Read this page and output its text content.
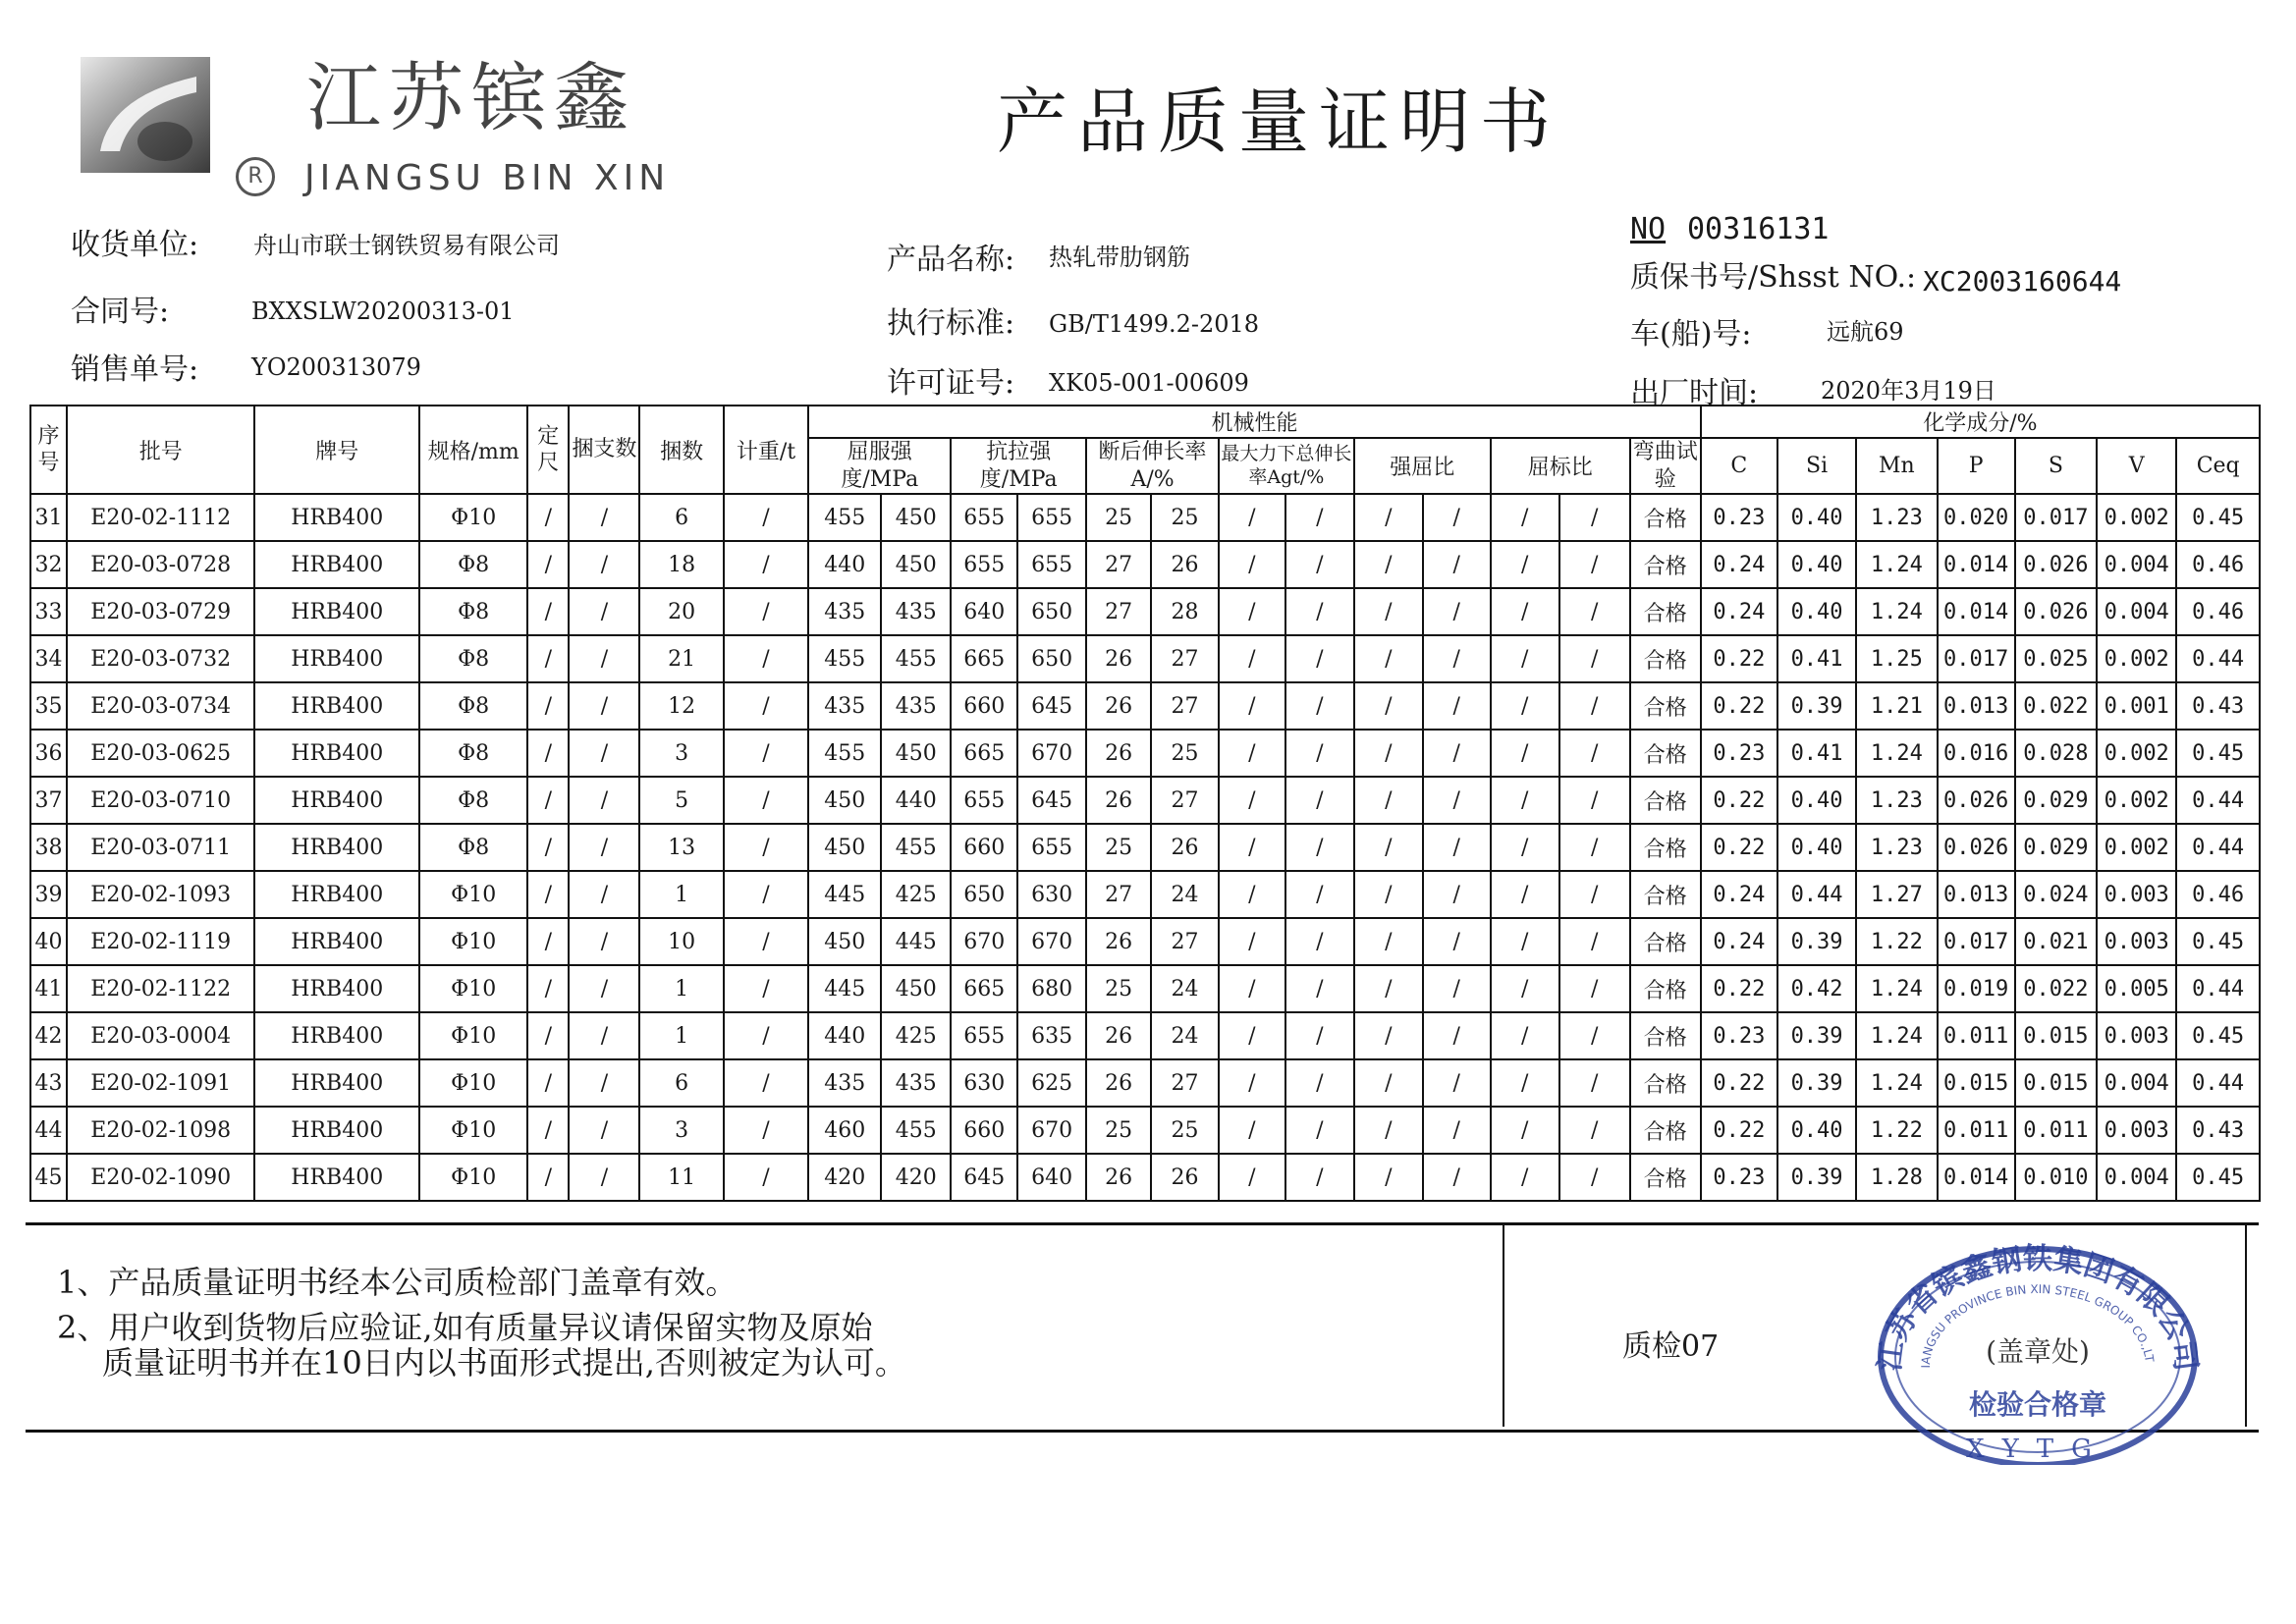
江苏镔鑫
R	JIANGSU BIN XIN
产品质量证明书
收货单位: 舟山市联士钢铁贸易有限公司
合同号:	BXXSLW20200313-01
销售单号: YO200313079
产品名称: 热轧带肋钢筋
执行标准: GB/T1499.2-2018
许可证号: XK05-001-00609
NO 00316131
质保书号/Shsst NO.: XC2003160644
车(船)号:	远航69
出厂时间:	2020年3月19日
序号	批号	牌号	规格/mm	定尺	捆支数	捆数	计重/t	机械性能													化学成分/%						
								屈服强度/MPa		抗拉强度/MPa		断后伸长率A/%		最大力下总伸长率Agt/%		强屈比		屈标比		弯曲试验	C	Si	Mn	P	S	V	Ceq
31	E20-02-1112	HRB400	Φ10	/	/	6	/	455	450	655	655	25	25	/	/	/	/	/	/	合格	0.23	0.40	1.23	0.020	0.017	0.002	0.45
32	E20-03-0728	HRB400	Φ8	/	/	18	/	440	450	655	655	27	26	/	/	/	/	/	/	合格	0.24	0.40	1.24	0.014	0.026	0.004	0.46
33	E20-03-0729	HRB400	Φ8	/	/	20	/	435	435	640	650	27	28	/	/	/	/	/	/	合格	0.24	0.40	1.24	0.014	0.026	0.004	0.46
34	E20-03-0732	HRB400	Φ8	/	/	21	/	455	455	665	650	26	27	/	/	/	/	/	/	合格	0.22	0.41	1.25	0.017	0.025	0.002	0.44
35	E20-03-0734	HRB400	Φ8	/	/	12	/	435	435	660	645	26	27	/	/	/	/	/	/	合格	0.22	0.39	1.21	0.013	0.022	0.001	0.43
36	E20-03-0625	HRB400	Φ8	/	/	3	/	455	450	665	670	26	25	/	/	/	/	/	/	合格	0.23	0.41	1.24	0.016	0.028	0.002	0.45
37	E20-03-0710	HRB400	Φ8	/	/	5	/	450	440	655	645	26	27	/	/	/	/	/	/	合格	0.22	0.40	1.23	0.026	0.029	0.002	0.44
38	E20-03-0711	HRB400	Φ8	/	/	13	/	450	455	660	655	25	26	/	/	/	/	/	/	合格	0.22	0.40	1.23	0.026	0.029	0.002	0.44
39	E20-02-1093	HRB400	Φ10	/	/	1	/	445	425	650	630	27	24	/	/	/	/	/	/	合格	0.24	0.44	1.27	0.013	0.024	0.003	0.46
40	E20-02-1119	HRB400	Φ10	/	/	10	/	450	445	670	670	26	27	/	/	/	/	/	/	合格	0.24	0.39	1.22	0.017	0.021	0.003	0.45
41	E20-02-1122	HRB400	Φ10	/	/	1	/	445	450	665	680	25	24	/	/	/	/	/	/	合格	0.22	0.42	1.24	0.019	0.022	0.005	0.44
42	E20-03-0004	HRB400	Φ10	/	/	1	/	440	425	655	635	26	24	/	/	/	/	/	/	合格	0.23	0.39	1.24	0.011	0.015	0.003	0.45
43	E20-02-1091	HRB400	Φ10	/	/	6	/	435	435	630	625	26	27	/	/	/	/	/	/	合格	0.22	0.39	1.24	0.015	0.015	0.004	0.44
44	E20-02-1098	HRB400	Φ10	/	/	3	/	460	455	660	670	25	25	/	/	/	/	/	/	合格	0.22	0.40	1.22	0.011	0.011	0.003	0.43
45	E20-02-1090	HRB400	Φ10	/	/	11	/	420	420	645	640	26	26	/	/	/	/	/	/	合格	0.23	0.39	1.28	0.014	0.010	0.004	0.45
1、产品质量证明书经本公司质检部门盖章有效。
2、用户收到货物后应验证,如有质量异议请保留实物及原始
质量证明书并在10日内以书面形式提出,否则被定为认可。	质检07	江苏省镔鑫钢铁集团有限公司
IANGSU PROVINCE BIN XIN STEEL GROUP CO.,LT
(盖章处)
检验合格章
XYTG
